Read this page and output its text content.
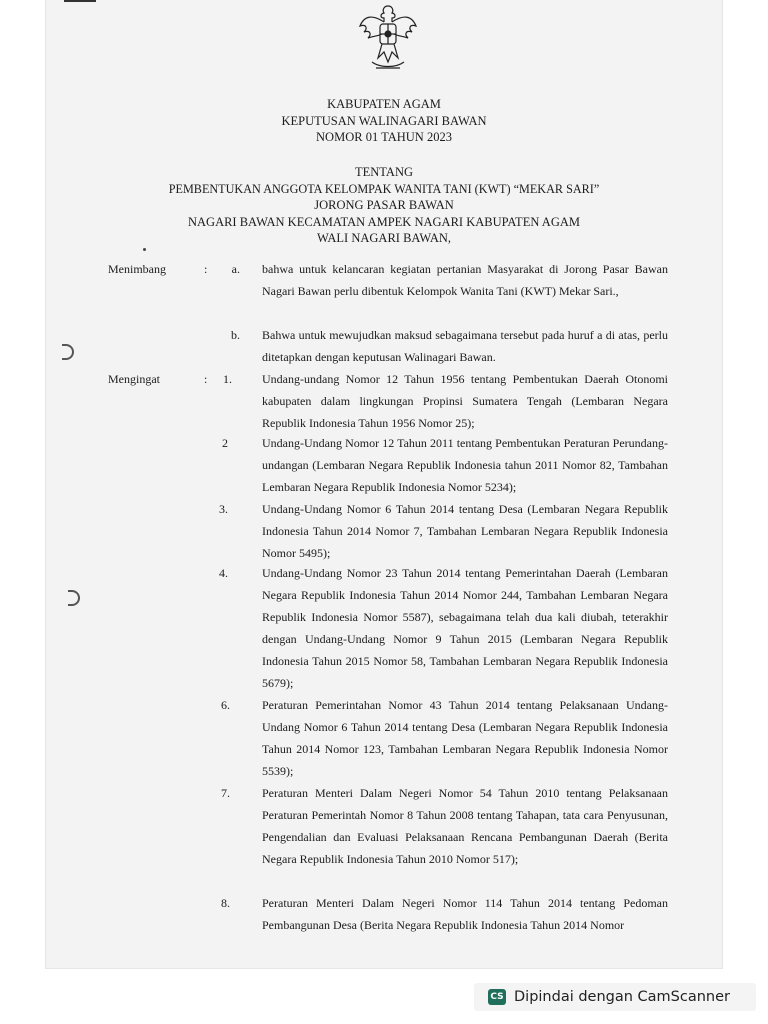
KABUPATEN AGAM
KEPUTUSAN WALINAGARI BAWAN
NOMOR 01 TAHUN 2023
TENTANG
PEMBENTUKAN ANGGOTA KELOMPAK WANITA TANI (KWT) “MEKAR SARI”
JORONG PASAR BAWAN
NAGARI BAWAN KECAMATAN AMPEK NAGARI KABUPATEN AGAM
WALI NAGARI BAWAN,
Menimbang	:	a. bahwa untuk kelancaran kegiatan pertanian Masyarakat di Jorong Pasar Bawan Nagari Bawan perlu dibentuk Kelompok Wanita Tani (KWT) Mekar Sari.,
b. Bahwa untuk mewujudkan maksud sebagaimana tersebut pada huruf a di atas, perlu ditetapkan dengan keputusan Walinagari Bawan.
Mengingat	:	1.	Undang-undang Nomor 12 Tahun 1956 tentang Pembentukan Daerah Otonomi kabupaten dalam lingkungan Propinsi Sumatera Tengah (Lembaran Negara Republik Indonesia Tahun 1956 Nomor 25);
2	Undang-Undang Nomor 12 Tahun 2011 tentang Pembentukan Peraturan Perundang-undangan (Lembaran Negara Republik Indonesia tahun 2011 Nomor 82, Tambahan Lembaran Negara Republik Indonesia Nomor 5234);
3.	Undang-Undang Nomor 6 Tahun 2014 tentang Desa (Lembaran Negara Republik Indonesia Tahun 2014 Nomor 7, Tambahan Lembaran Negara Republik Indonesia Nomor 5495);
4.	Undang-Undang Nomor 23 Tahun 2014 tentang Pemerintahan Daerah (Lembaran Negara Republik Indonesia Tahun 2014 Nomor 244, Tambahan Lembaran Negara Republik Indonesia Nomor 5587), sebagaimana telah dua kali diubah, teterakhir dengan Undang-Undang Nomor 9 Tahun 2015 (Lembaran Negara Republik Indonesia Tahun 2015 Nomor 58, Tambahan Lembaran Negara Republik Indonesia 5679);
6.	Peraturan Pemerintahan Nomor 43 Tahun 2014 tentang Pelaksanaan Undang-Undang Nomor 6 Tahun 2014 tentang Desa (Lembaran Negara Republik Indonesia Tahun 2014 Nomor 123, Tambahan Lembaran Negara Republik Indonesia Nomor 5539);
7.	Peraturan Menteri Dalam Negeri Nomor 54 Tahun 2010 tentang Pelaksanaan Peraturan Pemerintah Nomor 8 Tahun 2008 tentang Tahapan, tata cara Penyusunan, Pengendalian dan Evaluasi Pelaksanaan Rencana Pembangunan Daerah (Berita Negara Republik Indonesia Tahun 2010 Nomor 517);
8.	Peraturan Menteri Dalam Negeri Nomor 114 Tahun 2014 tentang Pedoman Pembangunan Desa (Berita Negara Republik Indonesia Tahun 2014 Nomor
CS Dipindai dengan CamScanner
